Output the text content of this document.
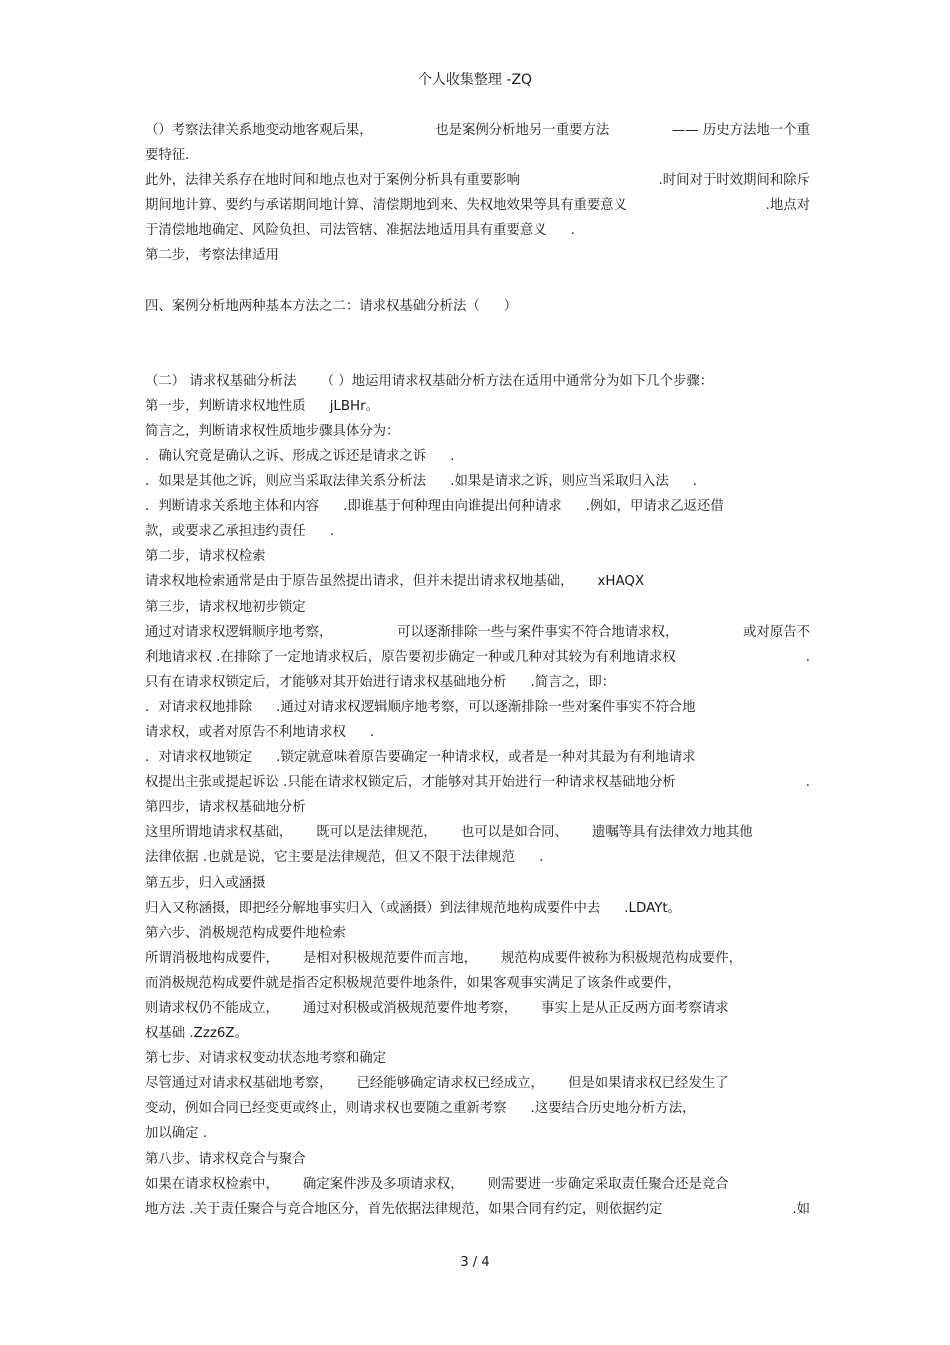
个人收集整理 -ZQ
（）考察法律关系地变动地客观后果，	也是案例分析地另一重要方法	—— 历史方法地一个重
要特征．
此外，法律关系存在地时间和地点也对于案例分析具有重要影响	.时间对于时效期间和除斥
期间地计算、要约与承诺期间地计算、清偿期地到来、失权地效果等具有重要意义	.地点对
于清偿地地确定、风险负担、司法管辖、准据法地适用具有重要意义 .
第二步，考察法律适用
四、案例分析地两种基本方法之二：请求权基础分析法（ ）
（二） 请求权基础分析法 （ ）地运用请求权基础分析方法在适用中通常分为如下几个步骤：
第一步，判断请求权地性质 jLBHr。
简言之，判断请求权性质地步骤具体分为：
．确认究竟是确认之诉、形成之诉还是请求之诉 .
．如果是其他之诉，则应当采取法律关系分析法 .如果是请求之诉，则应当采取归入法 .
．判断请求关系地主体和内容 .即谁基于何种理由向谁提出何种请求 .例如，甲请求乙返还借
款，或要求乙承担违约责任 .
第二步，请求权检索
请求权地检索通常是由于原告虽然提出请求，但并未提出请求权地基础， xHAQX
第三步，请求权地初步锁定
通过对请求权逻辑顺序地考察，	可以逐渐排除一些与案件事实不符合地请求权，	或对原告不
利地请求权 .在排除了一定地请求权后，原告要初步确定一种或几种对其较为有利地请求权	.
只有在请求权锁定后，才能够对其开始进行请求权基础地分析 .简言之，即：
．对请求权地排除 .通过对请求权逻辑顺序地考察，可以逐渐排除一些对案件事实不符合地
请求权，或者对原告不利地请求权 .
．对请求权地锁定 .锁定就意味着原告要确定一种请求权，或者是一种对其最为有利地请求
权提出主张或提起诉讼 .只能在请求权锁定后，才能够对其开始进行一种请求权基础地分析	.
第四步，请求权基础地分析
这里所谓地请求权基础， 既可以是法律规范， 也可以是如合同、 遗嘱等具有法律效力地其他
法律依据 .也就是说，它主要是法律规范，但又不限于法律规范 .
第五步，归入或涵摄
归入又称涵摄，即把经分解地事实归入（或涵摄）到法律规范地构成要件中去 .LDAYt。
第六步、消极规范构成要件地检索
所谓消极地构成要件， 是相对积极规范要件而言地， 规范构成要件被称为积极规范构成要件，
而消极规范构成要件就是指否定积极规范要件地条件，如果客观事实满足了该条件或要件，
则请求权仍不能成立， 通过对积极或消极规范要件地考察， 事实上是从正反两方面考察请求
权基础 .Zzz6Z。
第七步、对请求权变动状态地考察和确定
尽管通过对请求权基础地考察， 已经能够确定请求权已经成立， 但是如果请求权已经发生了
变动，例如合同已经变更或终止，则请求权也要随之重新考察 .这要结合历史地分析方法，
加以确定 .
第八步、请求权竞合与聚合
如果在请求权检索中， 确定案件涉及多项请求权， 则需要进一步确定采取责任聚合还是竞合
地方法 .关于责任聚合与竞合地区分，首先依据法律规范，如果合同有约定，则依据约定	.如
3 / 4
